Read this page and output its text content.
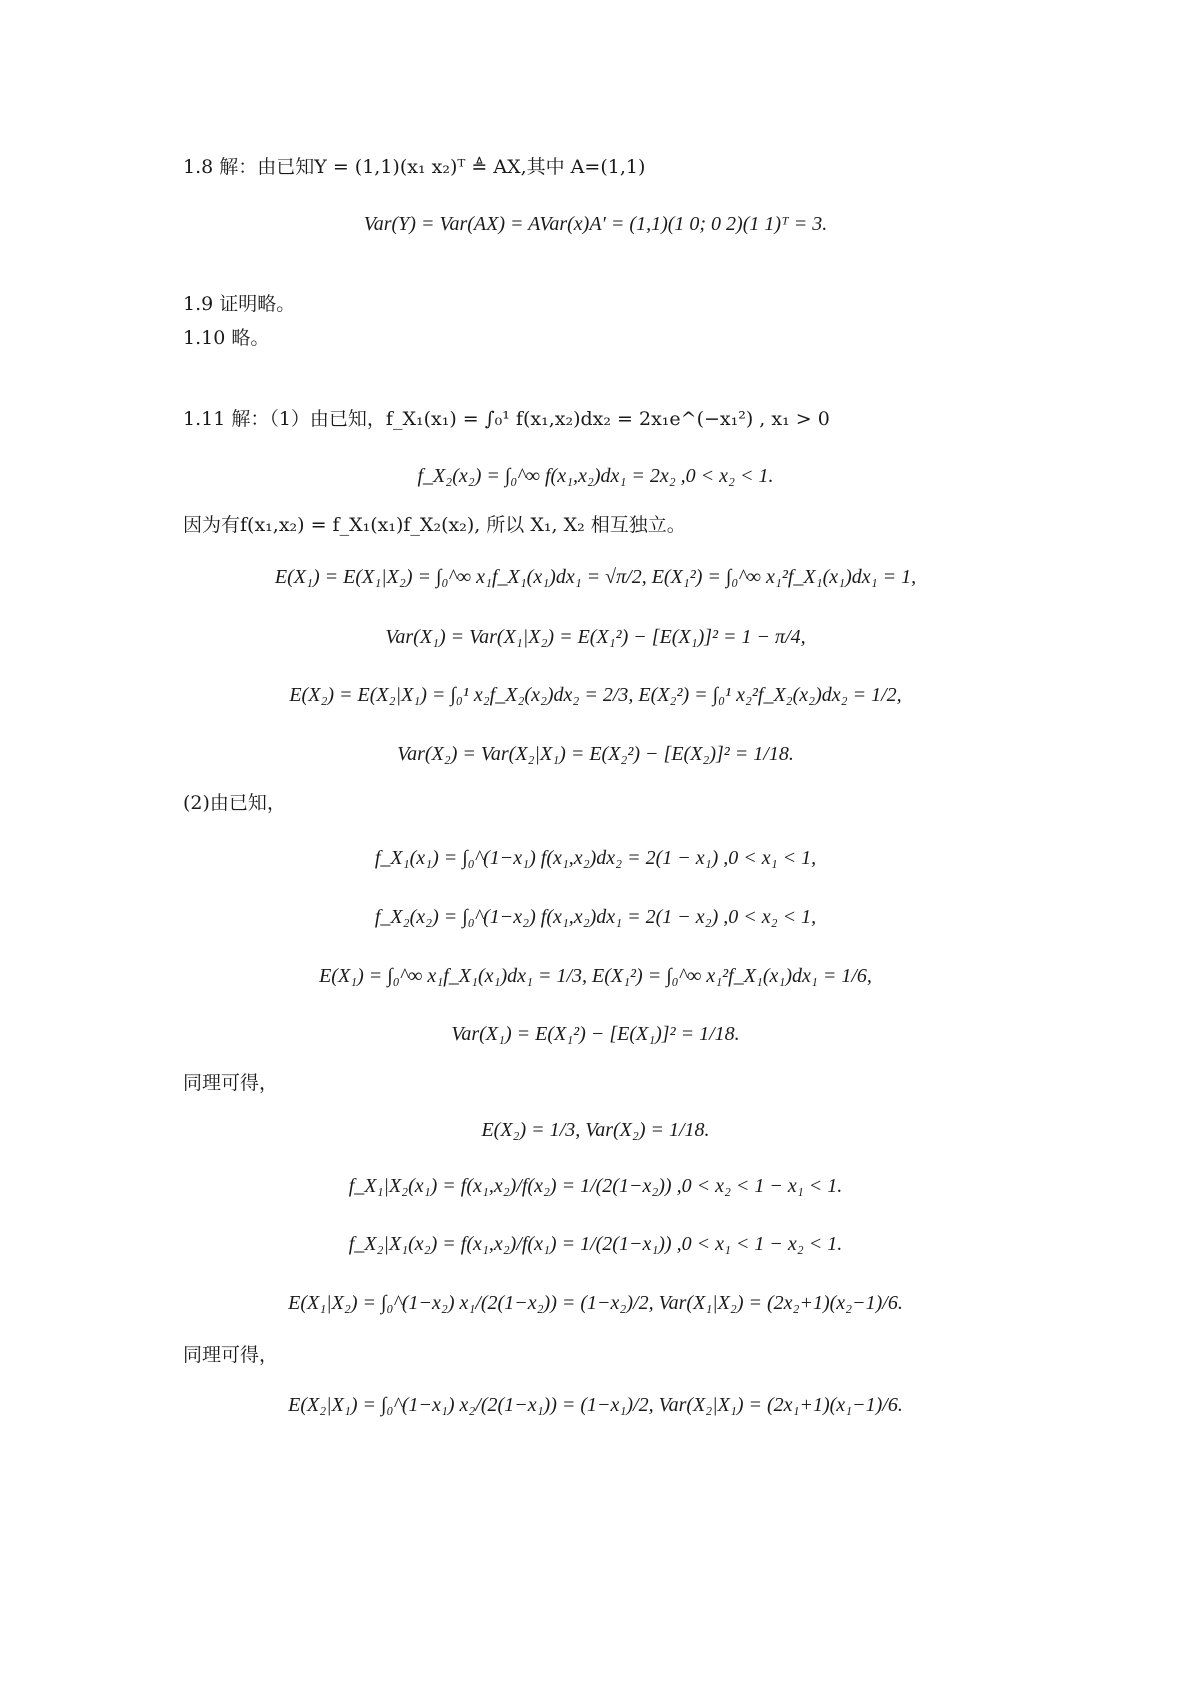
1.8 解：由已知Y = (1,1)(x₁ x₂)ᵀ ≜ AX,其中 A=(1,1)
Var(Y) = Var(AX) = AVar(x)A′ = (1,1)(1 0; 0 2)(1 1)ᵀ = 3.
1.9 证明略。
1.10 略。
1.11 解：（1）由已知，f_X₁(x₁) = ∫₀¹ f(x₁,x₂)dx₂ = 2x₁e^(−x₁²) , x₁ > 0
f_X₂(x₂) = ∫₀^∞ f(x₁,x₂)dx₁ = 2x₂ ,0 < x₂ < 1.
因为有f(x₁,x₂) = f_X₁(x₁)f_X₂(x₂), 所以 X₁, X₂ 相互独立。
E(X₁) = E(X₁|X₂) = ∫₀^∞ x₁f_X₁(x₁)dx₁ = √π/2, E(X₁²) = ∫₀^∞ x₁²f_X₁(x₁)dx₁ = 1,
Var(X₁) = Var(X₁|X₂) = E(X₁²) − [E(X₁)]² = 1 − π/4,
E(X₂) = E(X₂|X₁) = ∫₀¹ x₂f_X₂(x₂)dx₂ = 2/3, E(X₂²) = ∫₀¹ x₂²f_X₂(x₂)dx₂ = 1/2,
Var(X₂) = Var(X₂|X₁) = E(X₂²) − [E(X₂)]² = 1/18.
(2)由已知，
f_X₁(x₁) = ∫₀^(1−x₁) f(x₁,x₂)dx₂ = 2(1 − x₁) ,0 < x₁ < 1,
f_X₂(x₂) = ∫₀^(1−x₂) f(x₁,x₂)dx₁ = 2(1 − x₂) ,0 < x₂ < 1,
E(X₁) = ∫₀^∞ x₁f_X₁(x₁)dx₁ = 1/3, E(X₁²) = ∫₀^∞ x₁²f_X₁(x₁)dx₁ = 1/6,
Var(X₁) = E(X₁²) − [E(X₁)]² = 1/18.
同理可得，
E(X₂) = 1/3, Var(X₂) = 1/18.
f_X₁|X₂(x₁) = f(x₁,x₂)/f(x₂) = 1/(2(1−x₂)) ,0 < x₂ < 1 − x₁ < 1.
f_X₂|X₁(x₂) = f(x₁,x₂)/f(x₁) = 1/(2(1−x₁)) ,0 < x₁ < 1 − x₂ < 1.
E(X₁|X₂) = ∫₀^(1−x₂) x₁/(2(1−x₂)) = (1−x₂)/2, Var(X₁|X₂) = (2x₂+1)(x₂−1)/6.
同理可得，
E(X₂|X₁) = ∫₀^(1−x₁) x₂/(2(1−x₁)) = (1−x₁)/2, Var(X₂|X₁) = (2x₁+1)(x₁−1)/6.
